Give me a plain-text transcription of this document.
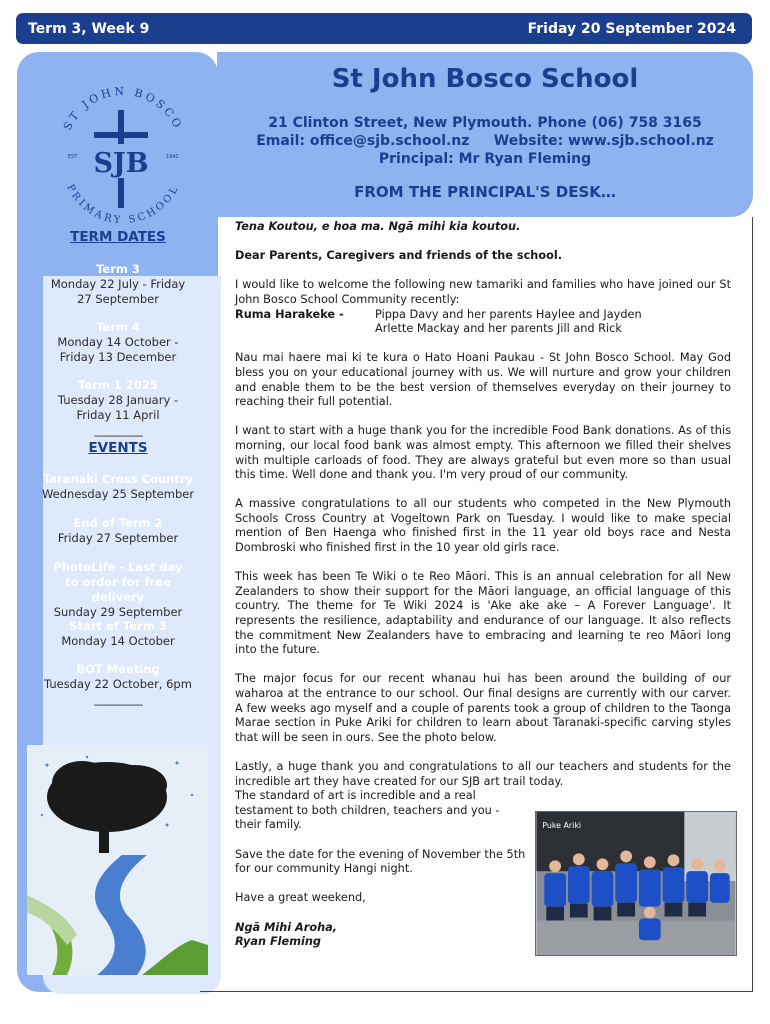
Term 3, Week 9	Friday 20 September 2024
St John Bosco School
21 Clinton Street, New Plymouth. Phone (06) 758 3165
Email: office@sjb.school.nz     Website: www.sjb.school.nz
Principal: Mr Ryan Fleming
FROM THE PRINCIPAL'S DESK…
ST JOHN BOSCO
PRIMARY SCHOOL
SJB
EST	1942
TERM DATES
Term 3
Monday 22 July - Friday 27 September
Term 4
Monday 14 October - Friday 13 December
Term 1 2025
Tuesday 28 January - Friday 11 April
__________
EVENTS
Taranaki Cross Country
Wednesday 25 September
End of Term 2
Friday 27 September
PhotoLife - Last day to order for free delivery
Sunday 29 September
Start of Term 3
Monday 14 October
BOT Meeting
Tuesday 22 October, 6pm
__________

Tena Koutou, e hoa ma. Ngā mihi kia koutou.

Dear Parents, Caregivers and friends of the school.

I would like to welcome the following new tamariki and families who have joined our St John Bosco School Community recently:

Ruma Harakeke -	Pippa Davy and her parents Haylee and Jayden
Arlette Mackay and her parents Jill and Rick

Nau mai haere mai ki te kura o Hato Hoani Paukau - St John Bosco School. May God bless you on your educational journey with us. We will nurture and grow your children and enable them to be the best version of themselves everyday on their journey to reaching their full potential.

I want to start with a huge thank you for the incredible Food Bank donations. As of this morning, our local food bank was almost empty. This afternoon we filled their shelves with multiple carloads of food. They are always grateful but even more so than usual this time. Well done and thank you. I'm very proud of our community.

A massive congratulations to all our students who competed in the New Plymouth Schools Cross Country at Vogeltown Park on Tuesday. I would like to make special mention of Ben Haenga who finished first in the 11 year old boys race and Nesta Dombroski who finished first in the 10 year old girls race.

This week has been Te Wiki o te Reo Māori. This is an annual celebration for all New Zealanders to show their support for the Māori language, an official language of this country. The theme for Te Wiki 2024 is 'Ake ake ake – A Forever Language'. It represents the resilience, adaptability and endurance of our language. It also reflects the commitment New Zealanders have to embracing and learning te reo Māori long into the future.

The major focus for our recent whanau hui has been around the building of our waharoa at the entrance to our school. Our final designs are currently with our carver. A few weeks ago myself and a couple of parents took a group of children to the Taonga Marae section in Puke Ariki for children to learn about Taranaki-specific carving styles that will be seen in ours. See the photo below.

Lastly, a huge thank you and congratulations to all our teachers and students for the incredible art they have created for our SJB art trail today.

The standard of art is incredible and a real testament to both children, teachers and you - their family.

Save the date for the evening of November the 5th for our community Hangi night.

Have a great weekend,

Ngā Mihi Aroha,
Ryan Fleming
Puke Ariki
